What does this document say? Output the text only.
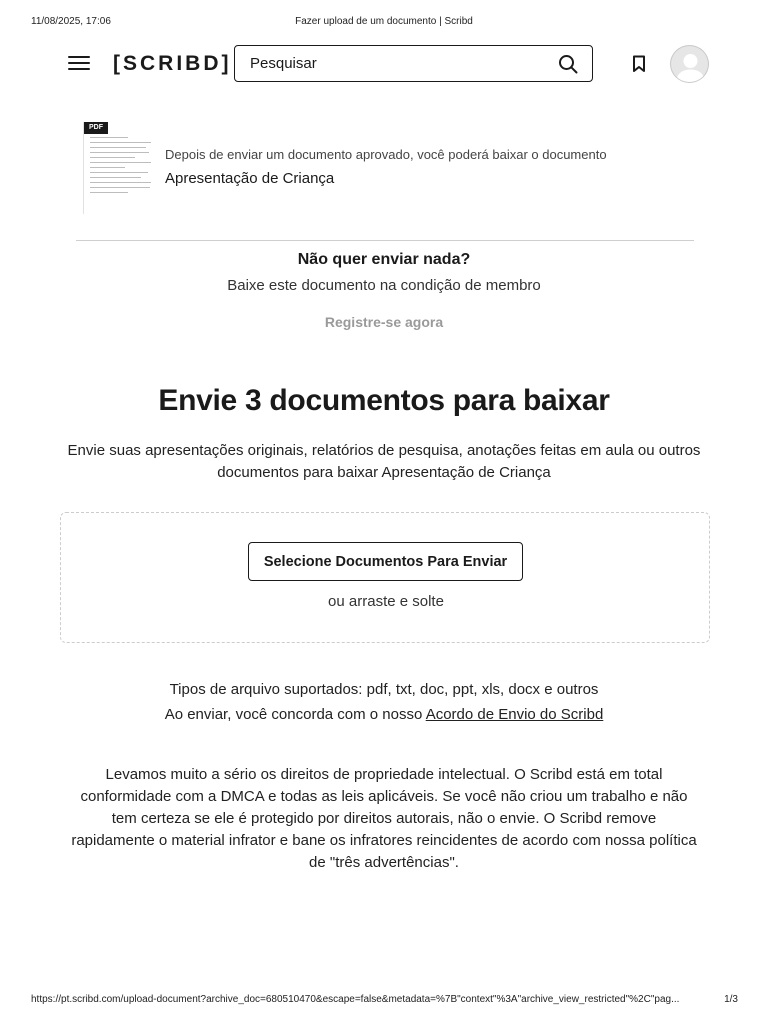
11/08/2025, 17:06	Fazer upload de um documento | Scribd
[SCRIBD]
Pesquisar
PDF
Depois de enviar um documento aprovado, você poderá baixar o documento
Apresentação de Criança
Não quer enviar nada?
Baixe este documento na condição de membro
Registre-se agora
Envie 3 documentos para baixar
Envie suas apresentações originais, relatórios de pesquisa, anotações feitas em aula ou outros documentos para baixar Apresentação de Criança
Selecione Documentos Para Enviar
ou arraste e solte
Tipos de arquivo suportados: pdf, txt, doc, ppt, xls, docx e outros
Ao enviar, você concorda com o nosso Acordo de Envio do Scribd
Levamos muito a sério os direitos de propriedade intelectual. O Scribd está em total conformidade com a DMCA e todas as leis aplicáveis. Se você não criou um trabalho e não tem certeza se ele é protegido por direitos autorais, não o envie. O Scribd remove rapidamente o material infrator e bane os infratores reincidentes de acordo com nossa política de "três advertências".
https://pt.scribd.com/upload-document?archive_doc=680510470&escape=false&metadata=%7B"context"%3A"archive_view_restricted"%2C"pag...	1/3
